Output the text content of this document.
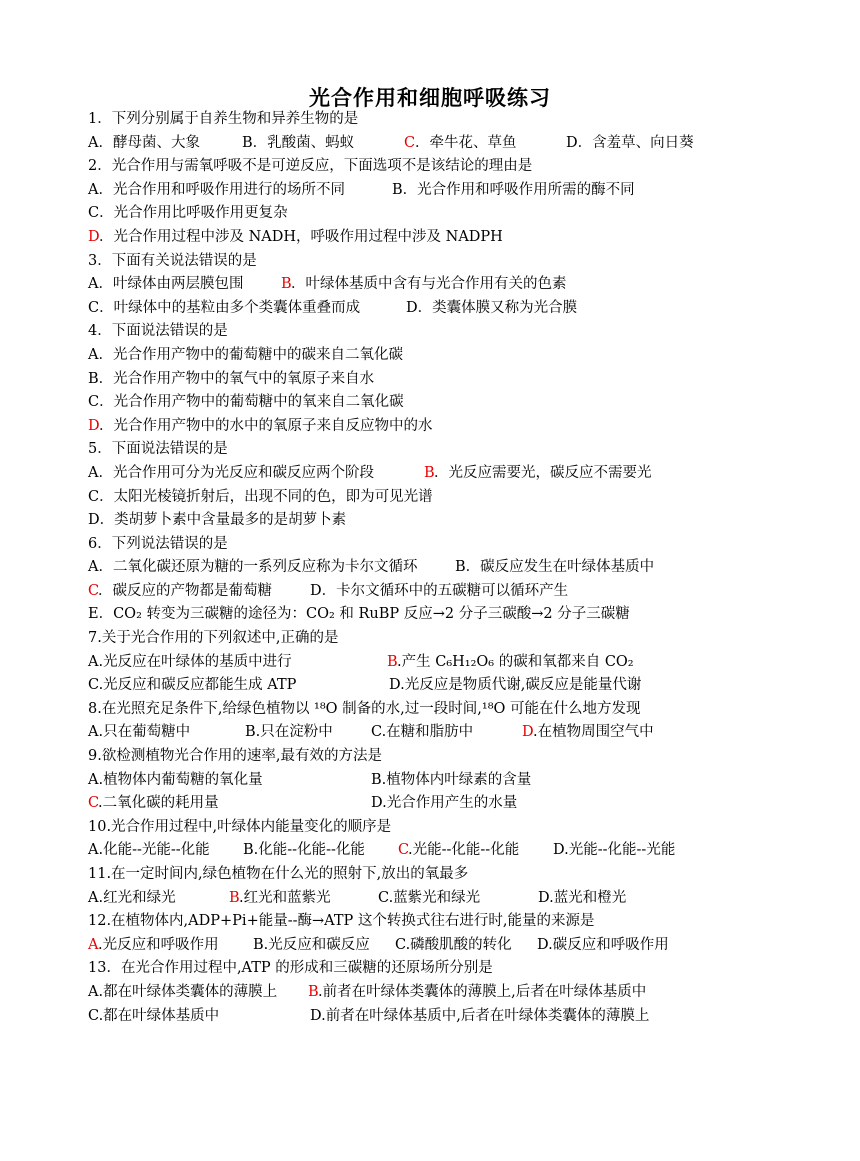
光合作用和细胞呼吸练习
1．下列分别属于自养生物和异养生物的是
A．酵母菌、大象	B．乳酸菌、蚂蚁	C ．牵牛花、草鱼	D．含羞草、向日葵
2．光合作用与需氧呼吸不是可逆反应，下面选项不是该结论的理由是
A．光合作用和呼吸作用进行的场所不同	B．光合作用和呼吸作用所需的酶不同
C．光合作用比呼吸作用更复杂
D ．光合作用过程中涉及 NADH，呼吸作用过程中涉及 NADPH
3．下面有关说法错误的是
A．叶绿体由两层膜包围	B ．叶绿体基质中含有与光合作用有关的色素
C．叶绿体中的基粒由多个类囊体重叠而成	D．类囊体膜又称为光合膜
4．下面说法错误的是
A．光合作用产物中的葡萄糖中的碳来自二氧化碳
B．光合作用产物中的氧气中的氧原子来自水
C．光合作用产物中的葡萄糖中的氧来自二氧化碳
D ．光合作用产物中的水中的氧原子来自反应物中的水
5．下面说法错误的是
A．光合作用可分为光反应和碳反应两个阶段	B ．光反应需要光，碳反应不需要光
C．太阳光棱镜折射后，出现不同的色，即为可见光谱
D．类胡萝卜素中含量最多的是胡萝卜素
6．下列说法错误的是
A．二氧化碳还原为糖的一系列反应称为卡尔文循环	B．碳反应发生在叶绿体基质中
C
．碳反应的产物都是葡萄糖	D．卡尔文循环中的五碳糖可以循环产生
E．CO₂ 转变为三碳糖的途径为：CO₂ 和 RuBP 反应→2 分子三碳酸→2 分子三碳糖
7.关于光合作用的下列叙述中,正确的是
A.光反应在叶绿体的基质中进行	B .产生 C₆H₁₂O₆ 的碳和氧都来自 CO₂
C.光反应和碳反应都能生成 ATP	D.光反应是物质代谢,碳反应是能量代谢
8.在光照充足条件下,给绿色植物以 ¹⁸O 制备的水,过一段时间,¹⁸O 可能在什么地方发现
A.只在葡萄糖中	B.只在淀粉中	C.在糖和脂肪中	D .在植物周围空气中
9.欲检测植物光合作用的速率,最有效的方法是
A.植物体内葡萄糖的氧化量	B.植物体内叶绿素的含量
C
.二氧化碳的耗用量	D.光合作用产生的水量
10.光合作用过程中,叶绿体内能量变化的顺序是
A.化能--光能--化能 B.化能--化能--化能 C
.光能--化能--化能 D.光能--化能--光能
11.在一定时间内,绿色植物在什么光的照射下,放出的氧最多
A.红光和绿光	B .红光和蓝紫光	C.蓝紫光和绿光	D.蓝光和橙光
12.在植物体内,ADP+Pi+能量--酶→ATP 这个转换式往右进行时,能量的来源是
A .光反应和呼吸作用 B.光反应和碳反应 C.磷酸肌酸的转化 D.碳反应和呼吸作用
13．在光合作用过程中,ATP 的形成和三碳糖的还原场所分别是
A.都在叶绿体类囊体的薄膜上 B .前者在叶绿体类囊体的薄膜上,后者在叶绿体基质中
C.都在叶绿体基质中	D.前者在叶绿体基质中,后者在叶绿体类囊体的薄膜上
